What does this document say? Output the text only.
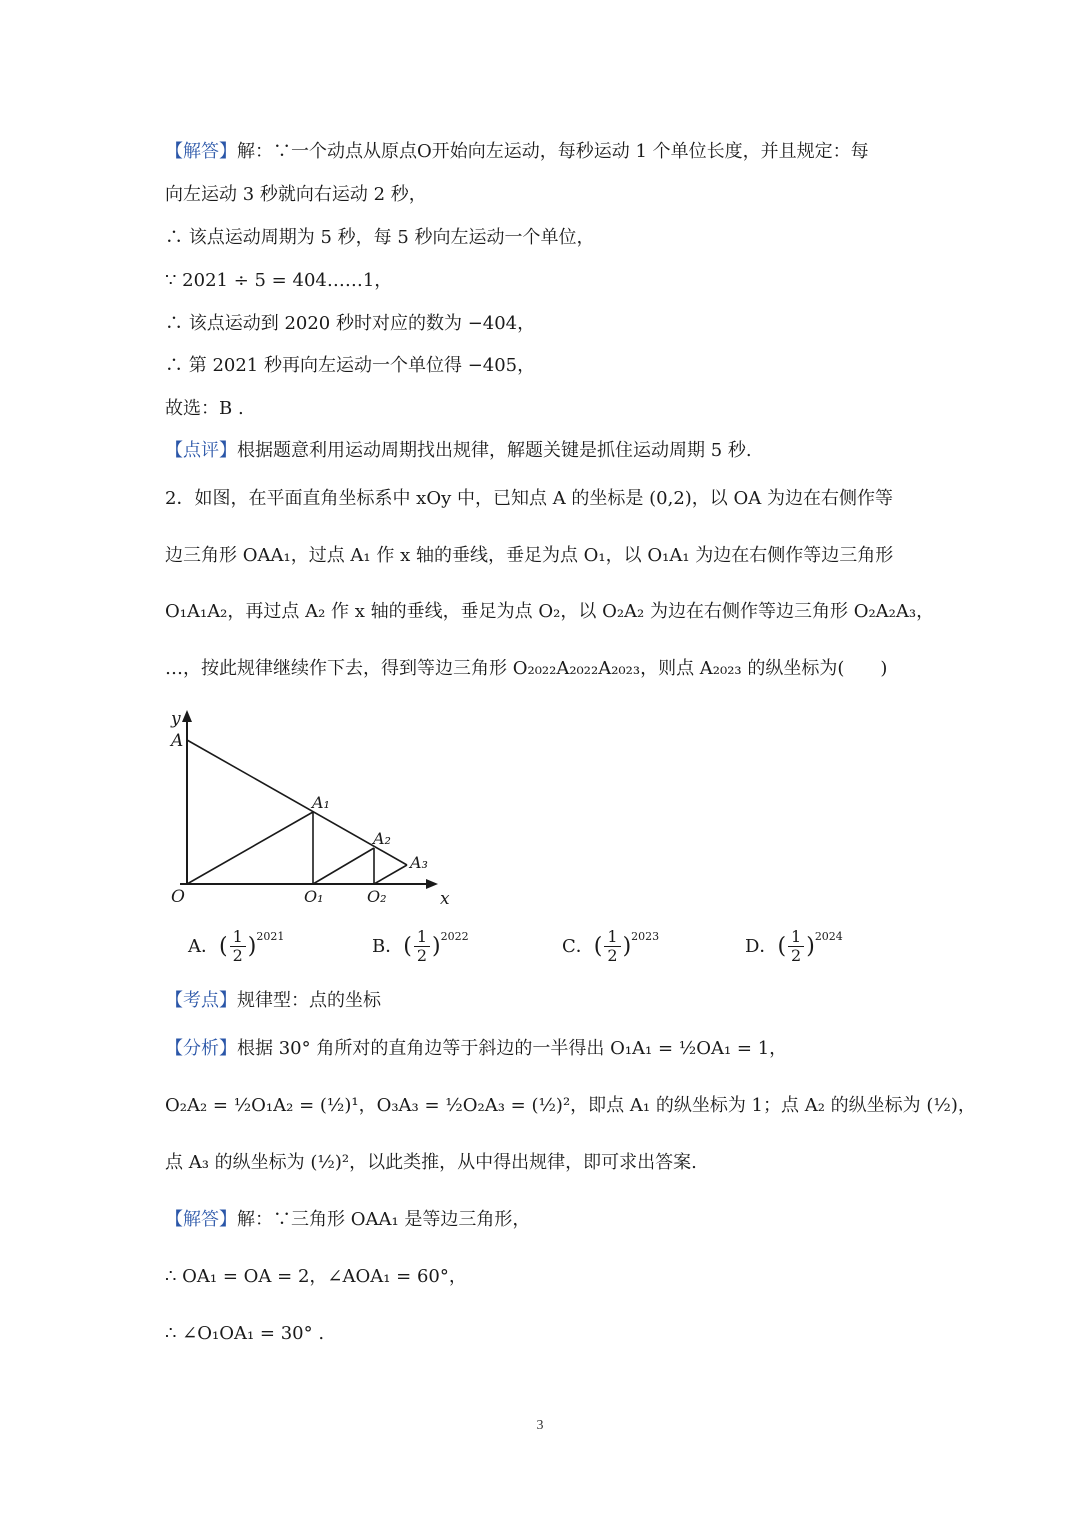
【解答】解：∵一个动点从原点O开始向左运动，每秒运动 1 个单位长度，并且规定：每
向左运动 3 秒就向右运动 2 秒，
∴ 该点运动周期为 5 秒，每 5 秒向左运动一个单位，
∵ 2021 ÷ 5 = 404……1，
∴ 该点运动到 2020 秒时对应的数为 −404，
∴ 第 2021 秒再向左运动一个单位得 −405，
故选：B .
【点评】根据题意利用运动周期找出规律，解题关键是抓住运动周期 5 秒.
2．如图，在平面直角坐标系中 xOy 中，已知点 A 的坐标是 (0,2)，以 OA 为边在右侧作等
边三角形 OAA₁，过点 A₁ 作 x 轴的垂线，垂足为点 O₁，以 O₁A₁ 为边在右侧作等边三角形
O₁A₁A₂，再过点 A₂ 作 x 轴的垂线，垂足为点 O₂，以 O₂A₂ 为边在右侧作等边三角形 O₂A₂A₃，
…，按此规律继续作下去，得到等边三角形 O₂₀₂₂A₂₀₂₂A₂₀₂₃，则点 A₂₀₂₃ 的纵坐标为(　　)
y
A
A₁
A₂
A₃
O	O₁	O₂	x
A． ( $\frac{1}{2}$ ) 2021	B． ( $\frac{1}{2}$ ) 2022	C． ( $\frac{1}{2}$ ) 2023	D． ( $\frac{1}{2}$ ) 2024
【考点】规律型：点的坐标
【分析】根据 30° 角所对的直角边等于斜边的一半得出 O₁A₁ = ½OA₁ = 1，
O₂A₂ = ½O₁A₂ = (½)¹，O₃A₃ = ½O₂A₃ = (½)²，即点 A₁ 的纵坐标为 1；点 A₂ 的纵坐标为 (½)，
点 A₃ 的纵坐标为 (½)²，以此类推，从中得出规律，即可求出答案.
【解答】解：∵三角形 OAA₁ 是等边三角形，
∴ OA₁ = OA = 2，∠AOA₁ = 60°，
∴ ∠O₁OA₁ = 30° .
3
